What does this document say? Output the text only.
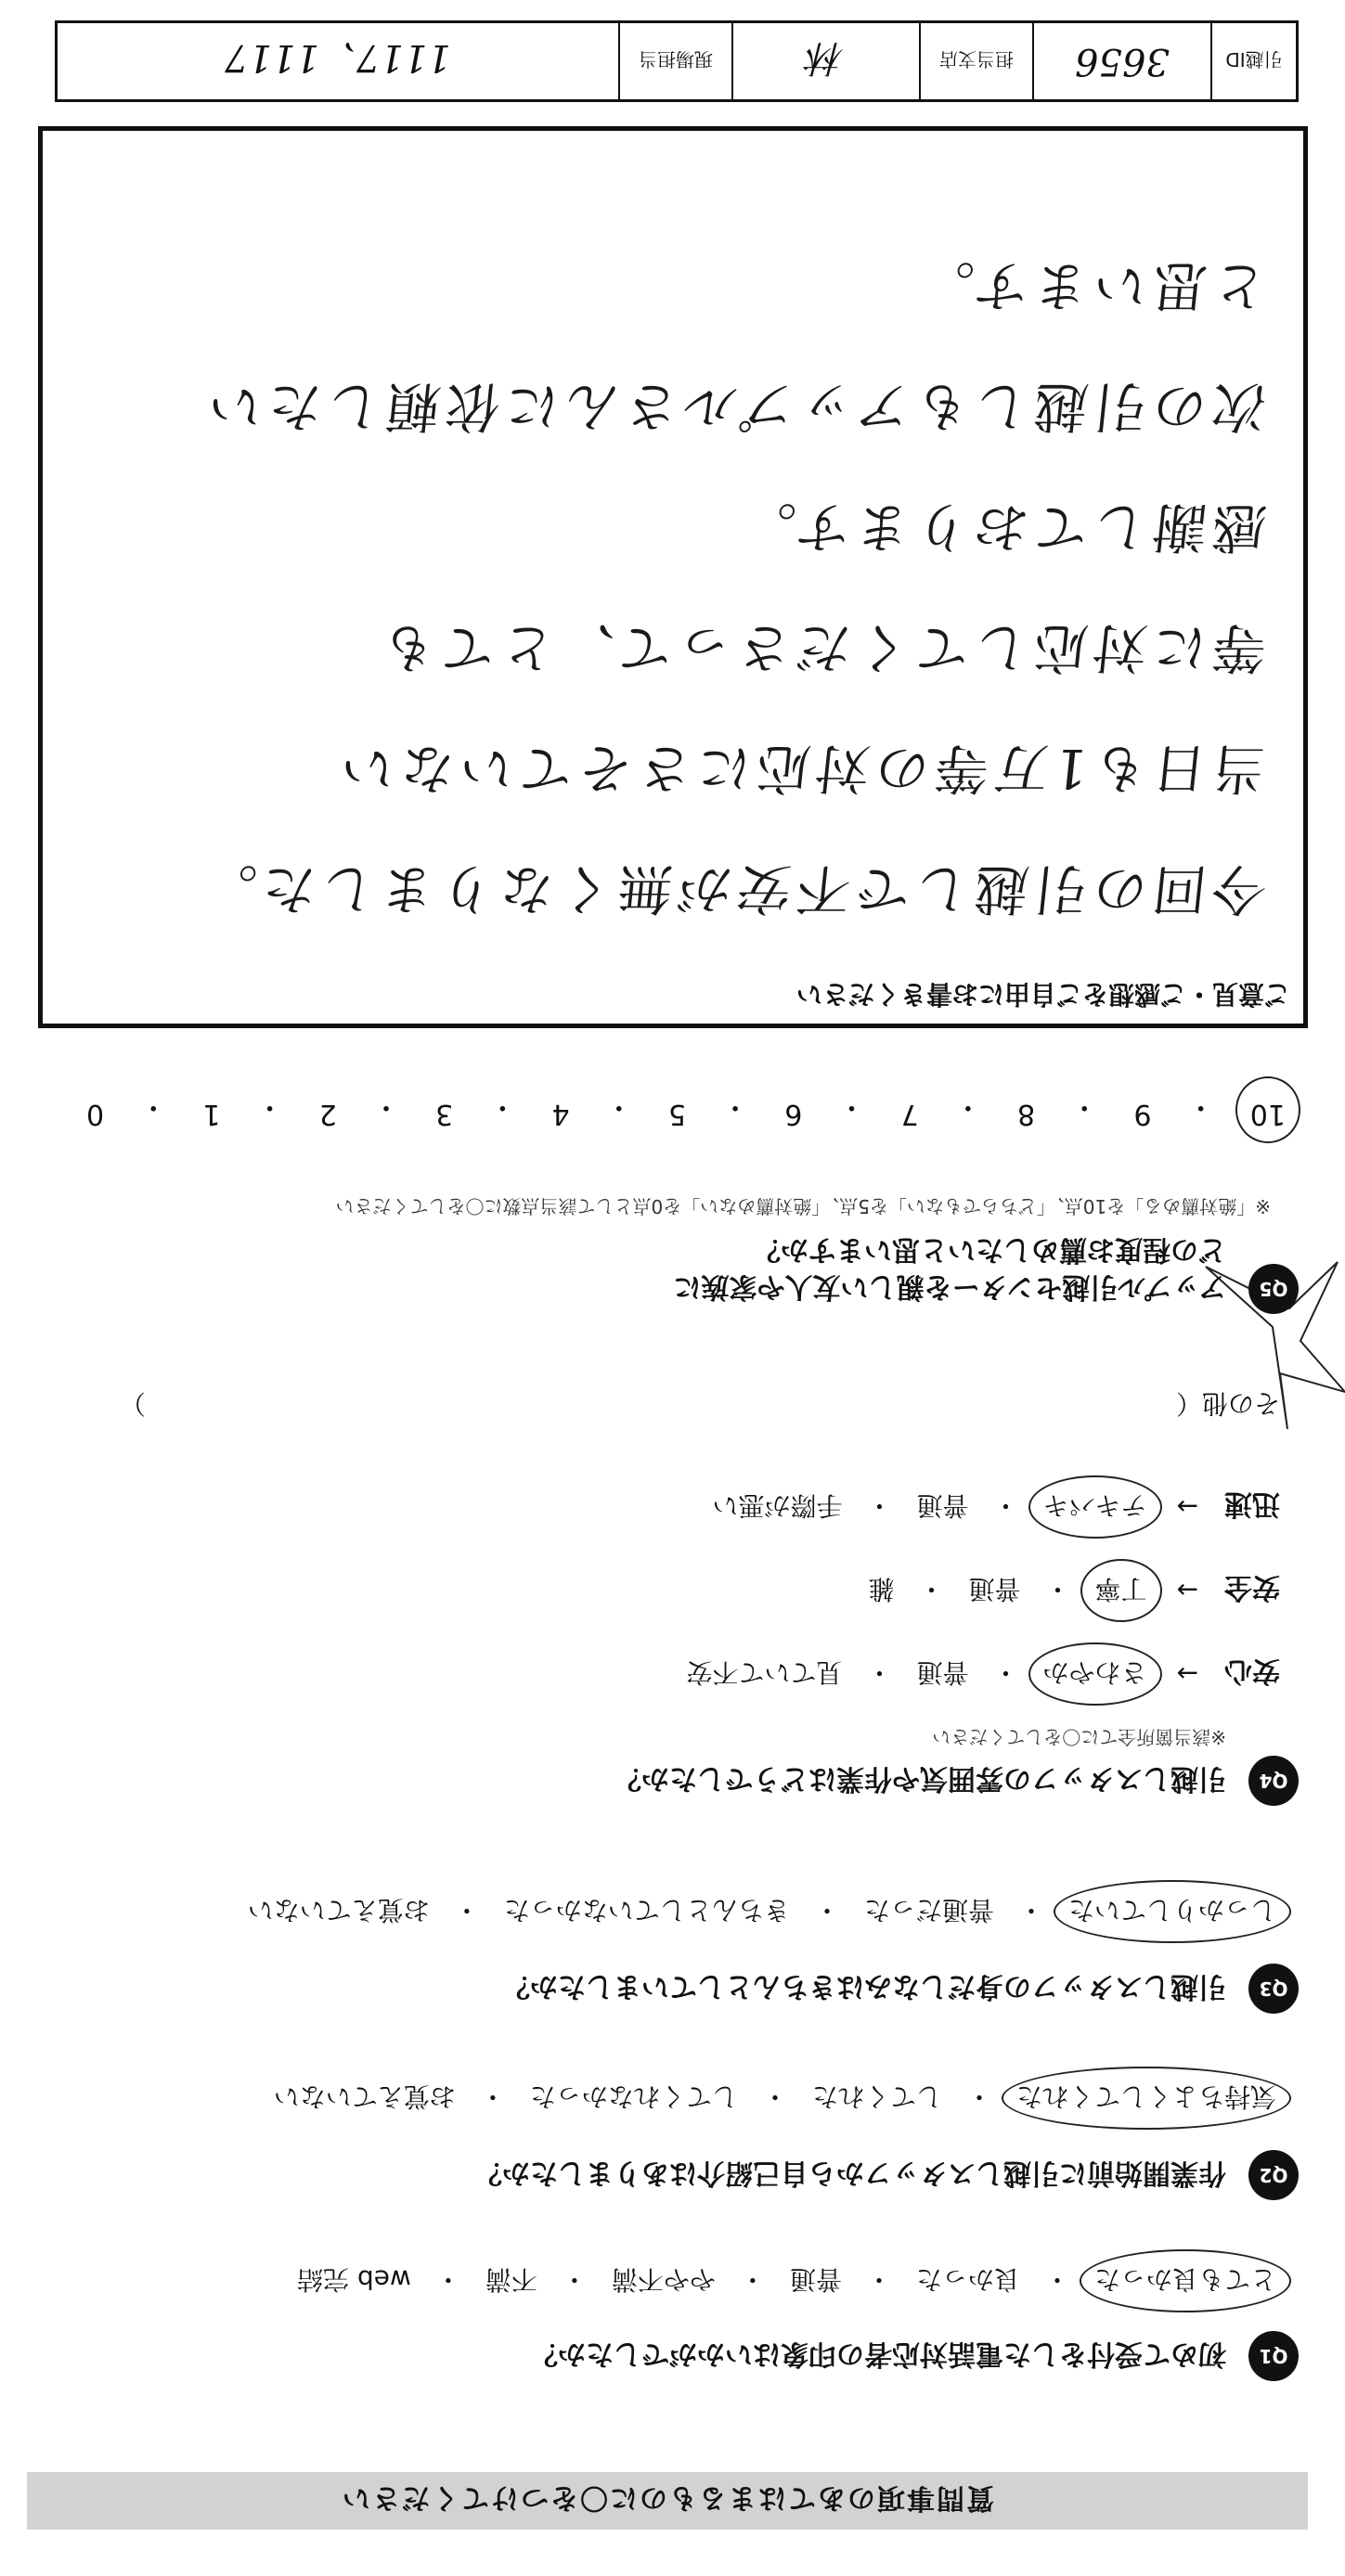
質問事項のあてはまるものに〇をつけてください
Q1
初めて受付をした電話対応者の印象はいかがでしたか？
とても良かった
・
良かった
・
普通
・
やや不満
・
不満
・
web 完結
Q2
作業開始前に引越しスタッフから自己紹介はありましたか？
気持ちよくしてくれた
・
してくれた
・
してくれなかった
・
お覚えていない
Q3
引越しスタッフの身だしなみはきちんとしていましたか？
しっかりしていた
・
普通だった
・
きちんとしていなかった
・
お覚えていない
Q4
引越しスタッフの雰囲気や作業はどうでしたか？
※該当箇所全てに〇をしてください
安心
→
さわやか
・
普通
・
見ていて不安
安全
→
丁寧
・
普通
・
雑
迅速
→
テキパキ
・
普通
・
手際が悪い
その他（
）
Q5
アップル引越センターを親しい友人や家族に
どの程度お薦めしたいと思いますか？
※「絶対薦める」を10点、「どちらでもない」を5点、「絶対薦めない」を0点として該当点数に〇をしてください
10
・
9
・
8
・
7
・
6
・
5
・
4
・
3
・
2
・
1
・
0
ご意見・ご感想をご自由にお書きください
今回の引越しで不安が無くなりました。
当日も1万等の対応にさそていない
等に対応してくださって、とても
感謝しております。
次の引越しもアップルさんに依頼したい
と思います。
引越ID
3656
担当支店
林
現場担当
1117、1117
